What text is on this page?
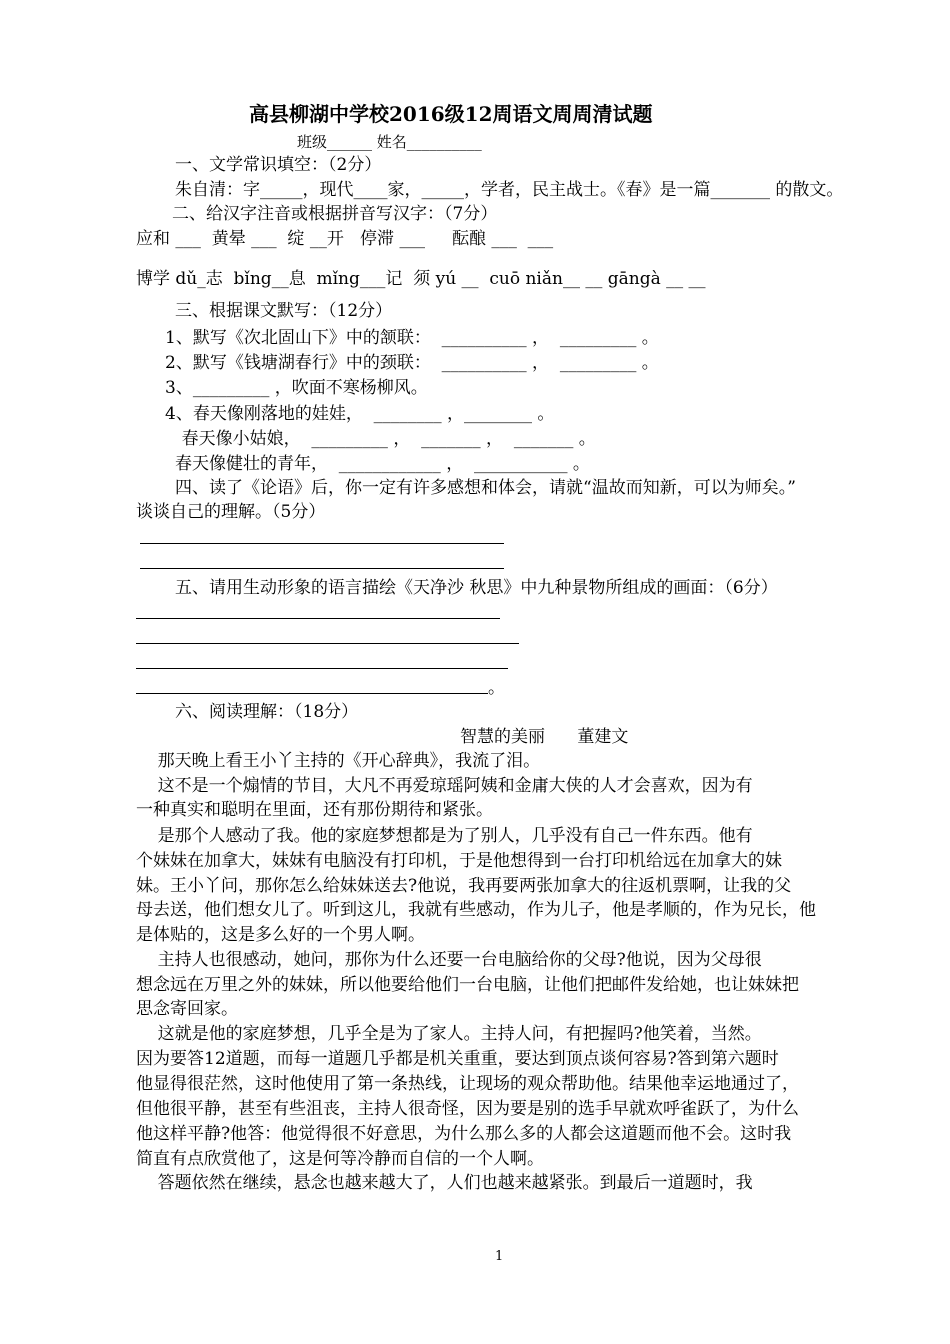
高县柳湖中学校2016级12周语文周周清试题
班级______ 姓名__________
一、文学常识填空：（2分）
朱自清：字_____，现代____家，_____，学者，民主战士。《春》是一篇_______ 的散文。
二、给汉字注音或根据拼音写汉字：（7分）
应和 ___  黄晕 ___  绽 __开   停滞 ___     酝酿 ___  ___
博学 dǔ_志  bǐng__息  mǐng___记  须 yú __  cuō niǎn__ __ gāngà __ __
三、根据课文默写：（12分）
1、默写《次北固山下》中的颔联：  __________ ，  _________ 。
2、默写《钱塘湖春行》中的颈联：  __________ ，  _________ 。
3、_________ ，吹面不寒杨柳风。
4、春天像刚落地的娃娃，  ________ ，________ 。
春天像小姑娘，  _________ ，  _______ ，  _______ 。
春天像健壮的青年，  ____________ ，  ___________ 。
四、读了《论语》后，你一定有许多感想和体会，请就“温故而知新，可以为师矣。”
谈谈自己的理解。（5分）
五、请用生动形象的语言描绘《天净沙 秋思》中九种景物所组成的画面：（6分）
。
六、阅读理解：（18分）
智慧的美丽      董建文
那天晚上看王小丫主持的《开心辞典》，我流了泪。
这不是一个煽情的节目，大凡不再爱琼瑶阿姨和金庸大侠的人才会喜欢，因为有
一种真实和聪明在里面，还有那份期待和紧张。
是那个人感动了我。他的家庭梦想都是为了别人，几乎没有自己一件东西。他有
个妹妹在加拿大，妹妹有电脑没有打印机，于是他想得到一台打印机给远在加拿大的妹
妹。王小丫问，那你怎么给妹妹送去?他说，我再要两张加拿大的往返机票啊，让我的父
母去送，他们想女儿了。听到这儿，我就有些感动，作为儿子，他是孝顺的，作为兄长，他
是体贴的，这是多么好的一个男人啊。
主持人也很感动，她问，那你为什么还要一台电脑给你的父母?他说，因为父母很
想念远在万里之外的妹妹，所以他要给他们一台电脑，让他们把邮件发给她，也让妹妹把
思念寄回家。
这就是他的家庭梦想，几乎全是为了家人。主持人问，有把握吗?他笑着，当然。
因为要答12道题，而每一道题几乎都是机关重重，要达到顶点谈何容易?答到第六题时
他显得很茫然，这时他使用了第一条热线，让现场的观众帮助他。结果他幸运地通过了，
但他很平静，甚至有些沮丧，主持人很奇怪，因为要是别的选手早就欢呼雀跃了，为什么
他这样平静?他答：他觉得很不好意思，为什么那么多的人都会这道题而他不会。这时我
简直有点欣赏他了，这是何等冷静而自信的一个人啊。
答题依然在继续，悬念也越来越大了，人们也越来越紧张。到最后一道题时，我
1
